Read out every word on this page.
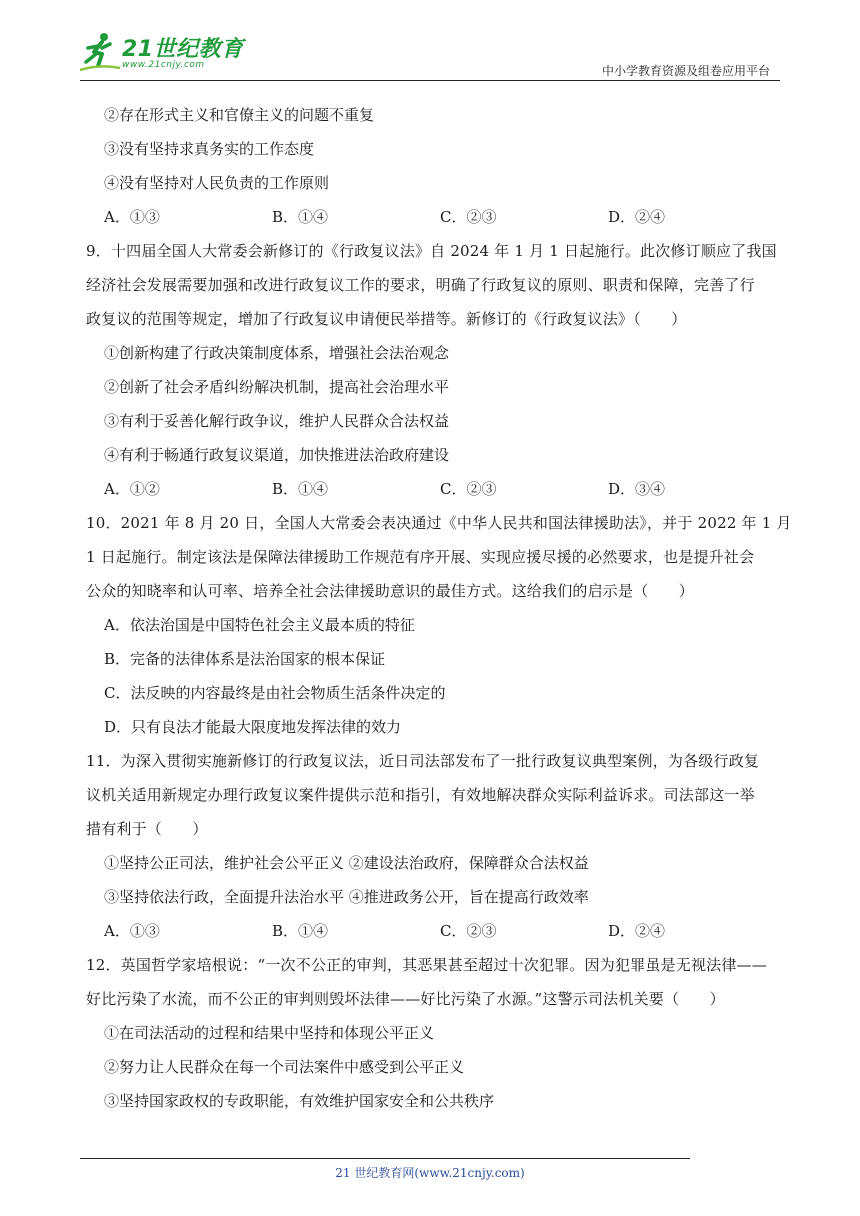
21世纪教育
www.21cnjy.com	中小学教育资源及组卷应用平台
②存在形式主义和官僚主义的问题不重复
③没有坚持求真务实的工作态度
④没有坚持对人民负责的工作原则
A．①③	B．①④	C．②③	D．②④
9．十四届全国人大常委会新修订的《行政复议法》自 2024 年 1 月 1 日起施行。此次修订顺应了我国
经济社会发展需要加强和改进行政复议工作的要求，明确了行政复议的原则、职责和保障，完善了行
政复议的范围等规定，增加了行政复议申请便民举措等。新修订的《行政复议法》（　　）
①创新构建了行政决策制度体系，增强社会法治观念
②创新了社会矛盾纠纷解决机制，提高社会治理水平
③有利于妥善化解行政争议，维护人民群众合法权益
④有利于畅通行政复议渠道，加快推进法治政府建设
A．①②	B．①④	C．②③	D．③④
10．2021 年 8 月 20 日，全国人大常委会表决通过《中华人民共和国法律援助法》，并于 2022 年 1 月
1 日起施行。制定该法是保障法律援助工作规范有序开展、实现应援尽援的必然要求，也是提升社会
公众的知晓率和认可率、培养全社会法律援助意识的最佳方式。这给我们的启示是（　　）
A．依法治国是中国特色社会主义最本质的特征
B．完备的法律体系是法治国家的根本保证
C．法反映的内容最终是由社会物质生活条件决定的
D．只有良法才能最大限度地发挥法律的效力
11．为深入贯彻实施新修订的行政复议法，近日司法部发布了一批行政复议典型案例，为各级行政复
议机关适用新规定办理行政复议案件提供示范和指引，有效地解决群众实际利益诉求。司法部这一举
措有利于（　　）
①坚持公正司法，维护社会公平正义 ②建设法治政府，保障群众合法权益
③坚持依法行政，全面提升法治水平 ④推进政务公开，旨在提高行政效率
A．①③	B．①④	C．②③	D．②④
12．英国哲学家培根说：“一次不公正的审判，其恶果甚至超过十次犯罪。因为犯罪虽是无视法律——
好比污染了水流，而不公正的审判则毁坏法律——好比污染了水源。”这警示司法机关要（　　）
①在司法活动的过程和结果中坚持和体现公平正义
②努力让人民群众在每一个司法案件中感受到公平正义
③坚持国家政权的专政职能，有效维护国家安全和公共秩序
21 世纪教育网(www.21cnjy.com)
